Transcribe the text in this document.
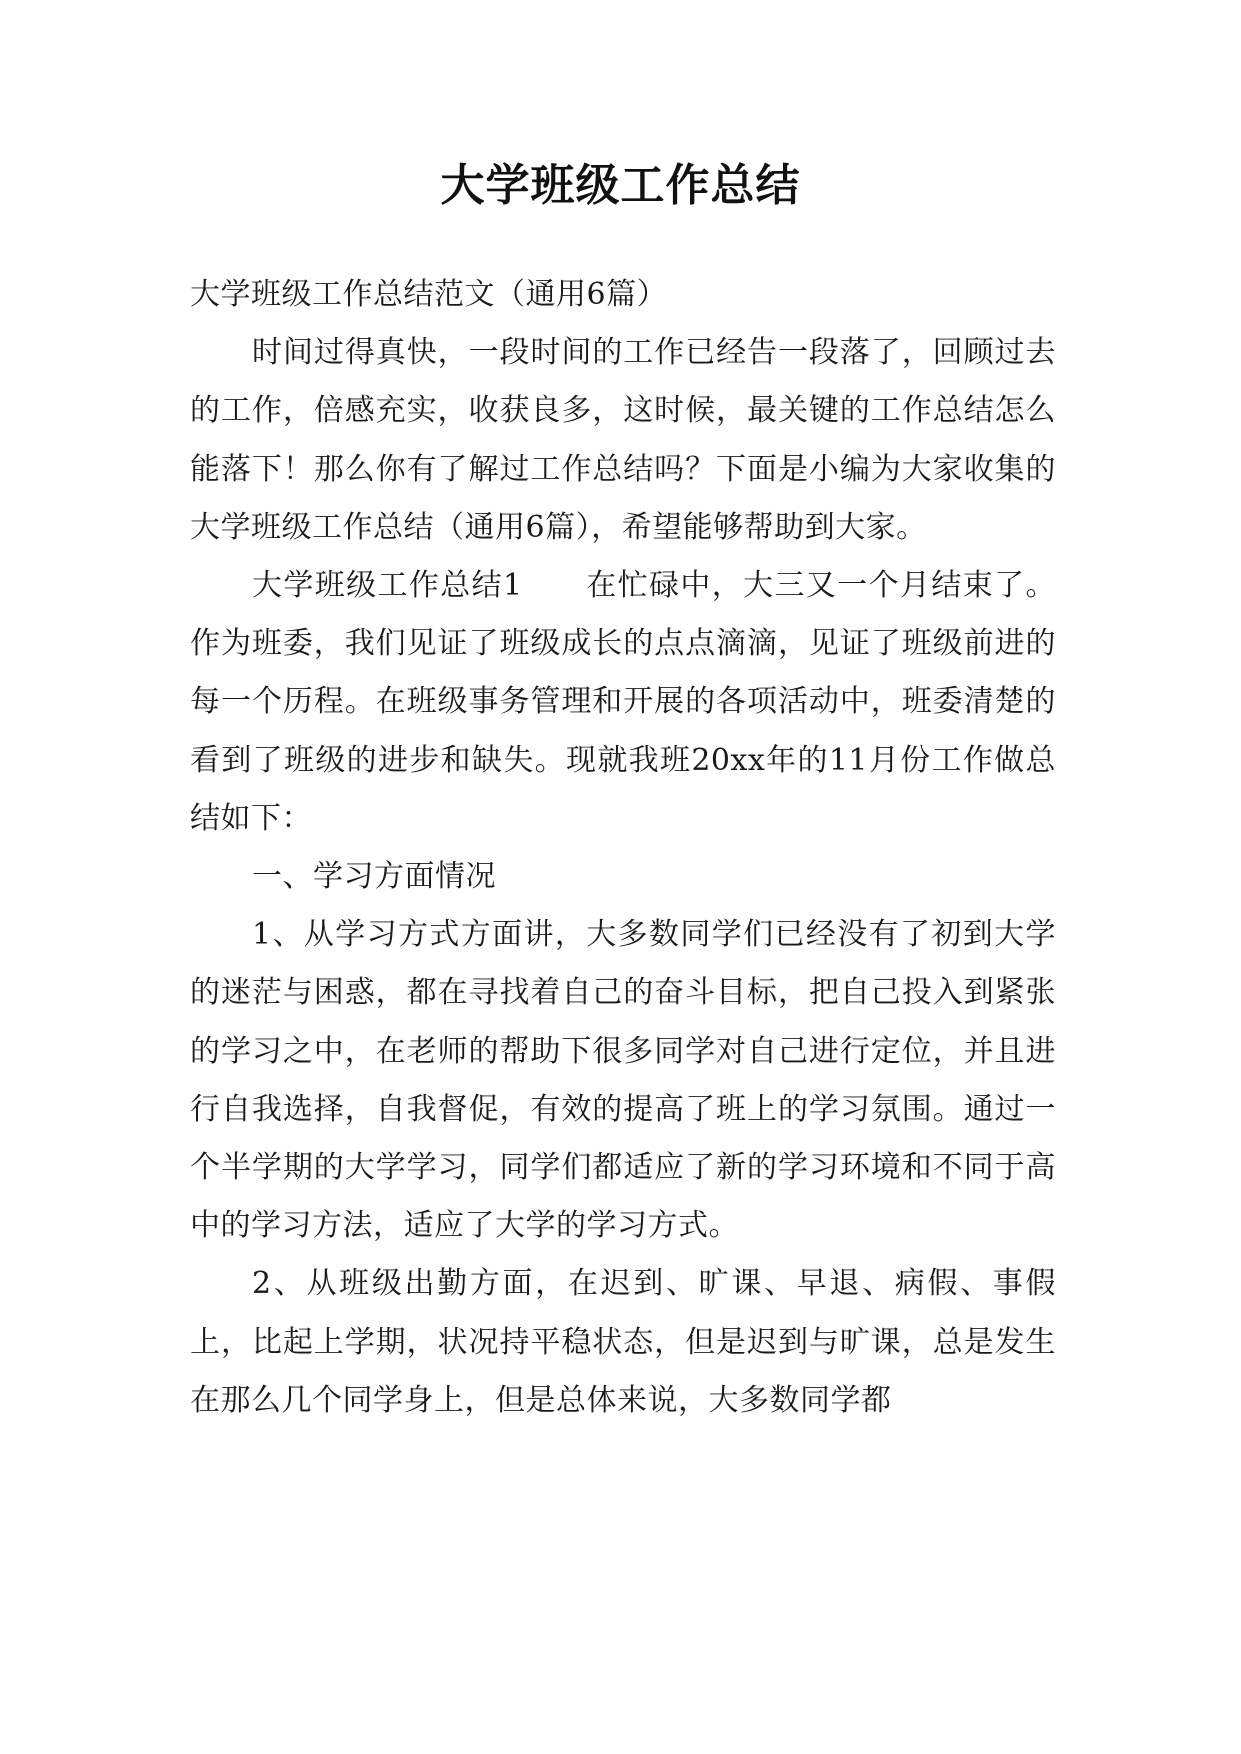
大学班级工作总结

大学班级工作总结范文（通用6篇）

时间过得真快，一段时间的工作已经告一段落了，回顾过去的工作，倍感充实，收获良多，这时候，最关键的工作总结怎么能落下！那么你有了解过工作总结吗？下面是小编为大家收集的大学班级工作总结（通用6篇），希望能够帮助到大家。

大学班级工作总结1　　在忙碌中，大三又一个月结束了。作为班委，我们见证了班级成长的点点滴滴，见证了班级前进的每一个历程。在班级事务管理和开展的各项活动中，班委清楚的看到了班级的进步和缺失。现就我班20xx年的11月份工作做总结如下：

一、学习方面情况

1、从学习方式方面讲，大多数同学们已经没有了初到大学的迷茫与困惑，都在寻找着自己的奋斗目标，把自己投入到紧张的学习之中，在老师的帮助下很多同学对自己进行定位，并且进行自我选择，自我督促，有效的提高了班上的学习氛围。通过一个半学期的大学学习，同学们都适应了新的学习环境和不同于高中的学习方法，适应了大学的学习方式。

2、从班级出勤方面，在迟到、旷课、早退、病假、事假上，比起上学期，状况持平稳状态，但是迟到与旷课，总是发生在那么几个同学身上，但是总体来说，大多数同学都
